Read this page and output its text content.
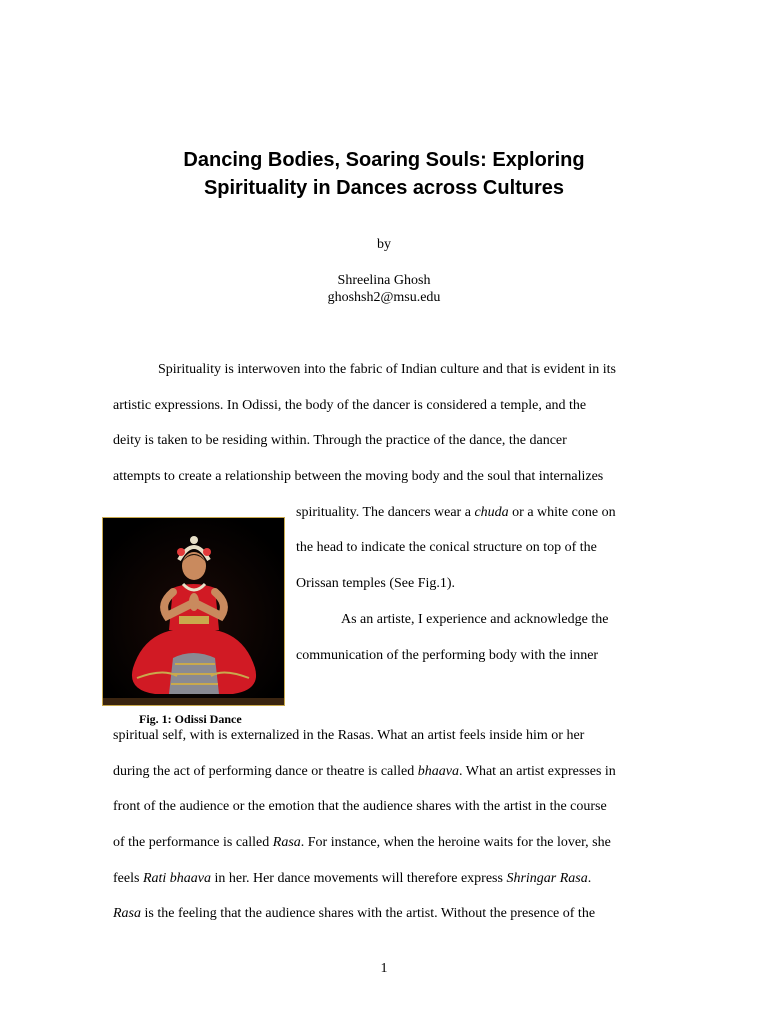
Dancing Bodies, Soaring Souls: Exploring
Spirituality in Dances across Cultures
by
Shreelina Ghosh
ghoshsh2@msu.edu
Spirituality is interwoven into the fabric of Indian culture and that is evident in its
artistic expressions. In Odissi, the body of the dancer is considered a temple, and the
deity is taken to be residing within. Through the practice of the dance, the dancer
attempts to create a relationship between the moving body and the soul that internalizes
spirituality. The dancers wear a chuda or a white cone on
the head to indicate the conical structure on top of the
Orissan temples (See Fig.1).
As an artiste, I experience and acknowledge the
communication of the performing body with the inner
spiritual self, with is externalized in the Rasas. What an artist feels inside him or her
during the act of performing dance or theatre is called bhaava. What an artist expresses in
front of the audience or the emotion that the audience shares with the artist in the course
of the performance is called Rasa. For instance, when the heroine waits for the lover, she
feels Rati bhaava in her. Her dance movements will therefore express Shringar Rasa.
Rasa is the feeling that the audience shares with the artist. Without the presence of the
Fig. 1: Odissi Dance
1
